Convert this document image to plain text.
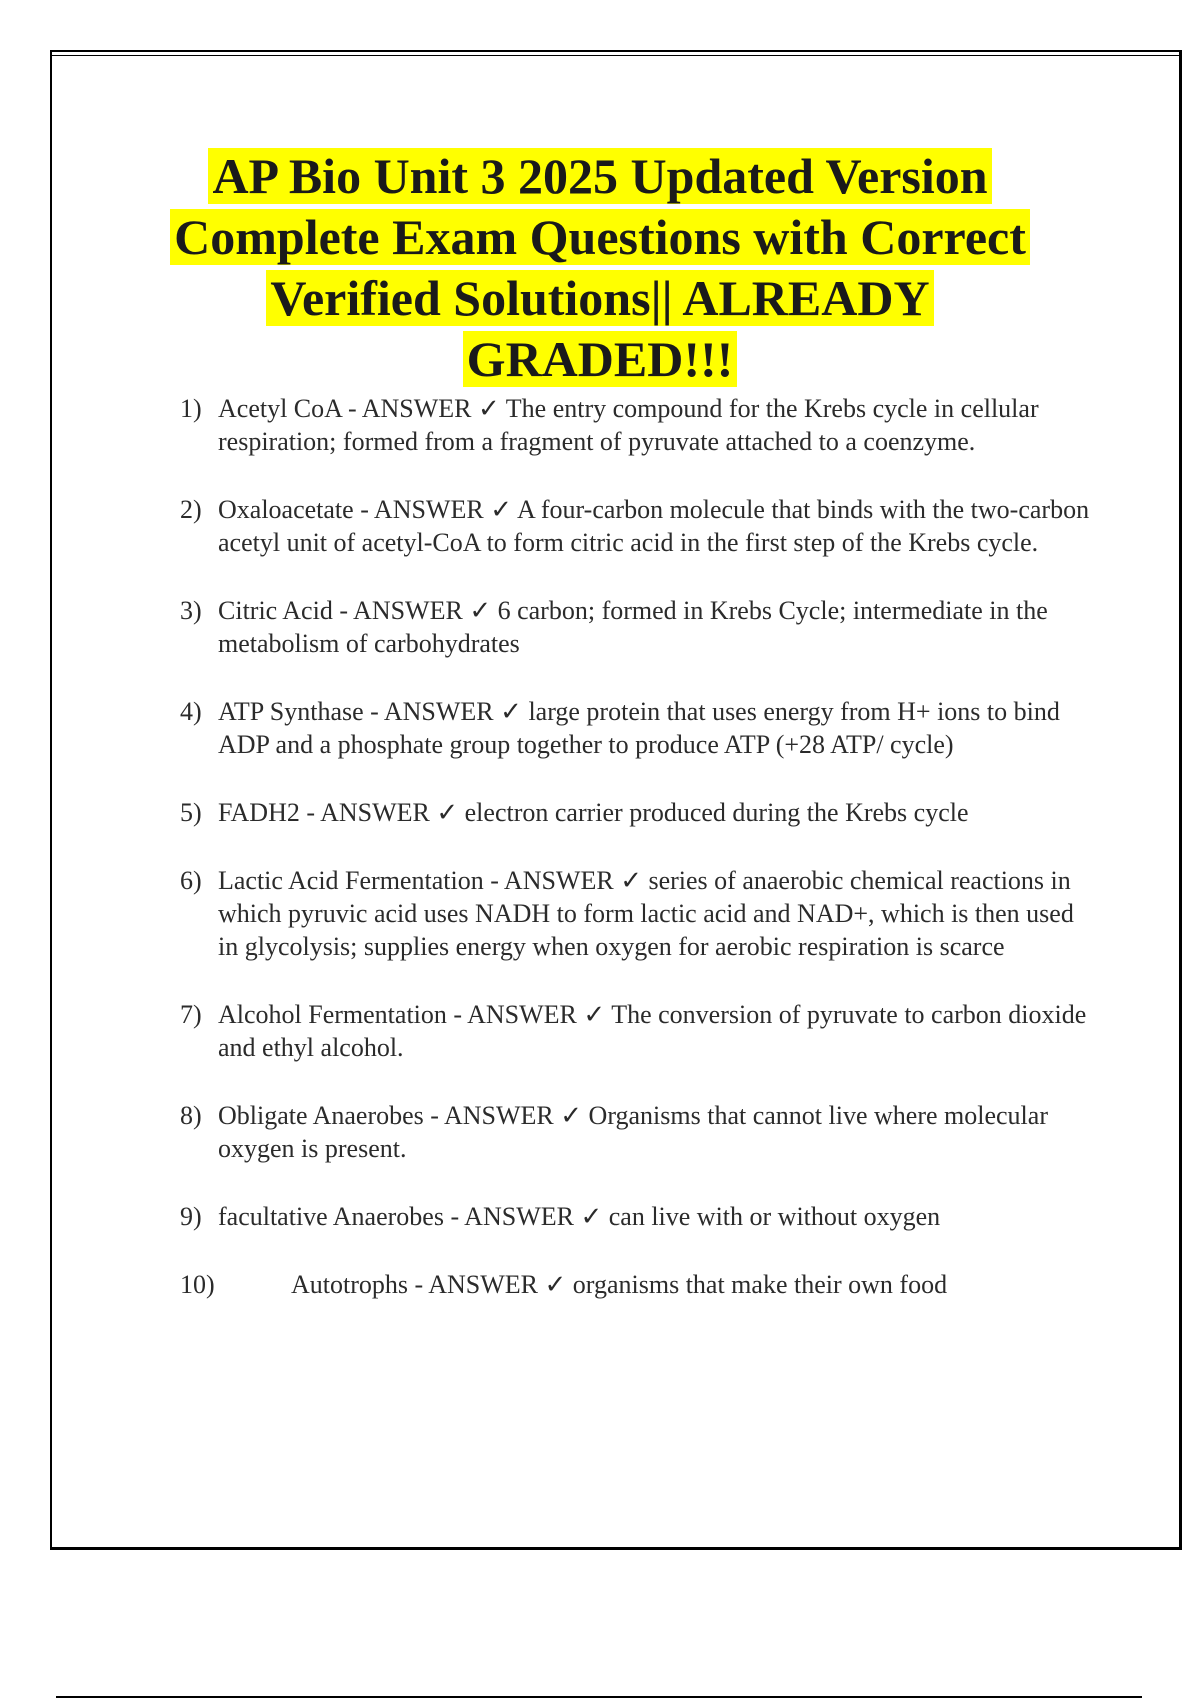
AP Bio Unit 3 2025 Updated Version
Complete Exam Questions with Correct
Verified Solutions|| ALREADY
GRADED!!!
1) Acetyl CoA - ANSWER ✓ The entry compound for the Krebs cycle in cellular respiration; formed from a fragment of pyruvate attached to a coenzyme.
2) Oxaloacetate - ANSWER ✓ A four-carbon molecule that binds with the two-carbon acetyl unit of acetyl-CoA to form citric acid in the first step of the Krebs cycle.
3) Citric Acid - ANSWER ✓ 6 carbon; formed in Krebs Cycle; intermediate in the metabolism of carbohydrates
4) ATP Synthase - ANSWER ✓ large protein that uses energy from H+ ions to bind ADP and a phosphate group together to produce ATP (+28 ATP/ cycle)
5) FADH2 - ANSWER ✓ electron carrier produced during the Krebs cycle
6) Lactic Acid Fermentation - ANSWER ✓ series of anaerobic chemical reactions in which pyruvic acid uses NADH to form lactic acid and NAD+, which is then used in glycolysis; supplies energy when oxygen for aerobic respiration is scarce
7) Alcohol Fermentation - ANSWER ✓ The conversion of pyruvate to carbon dioxide and ethyl alcohol.
8) Obligate Anaerobes - ANSWER ✓ Organisms that cannot live where molecular oxygen is present.
9) facultative Anaerobes - ANSWER ✓ can live with or without oxygen
10)	Autotrophs - ANSWER ✓ organisms that make their own food
